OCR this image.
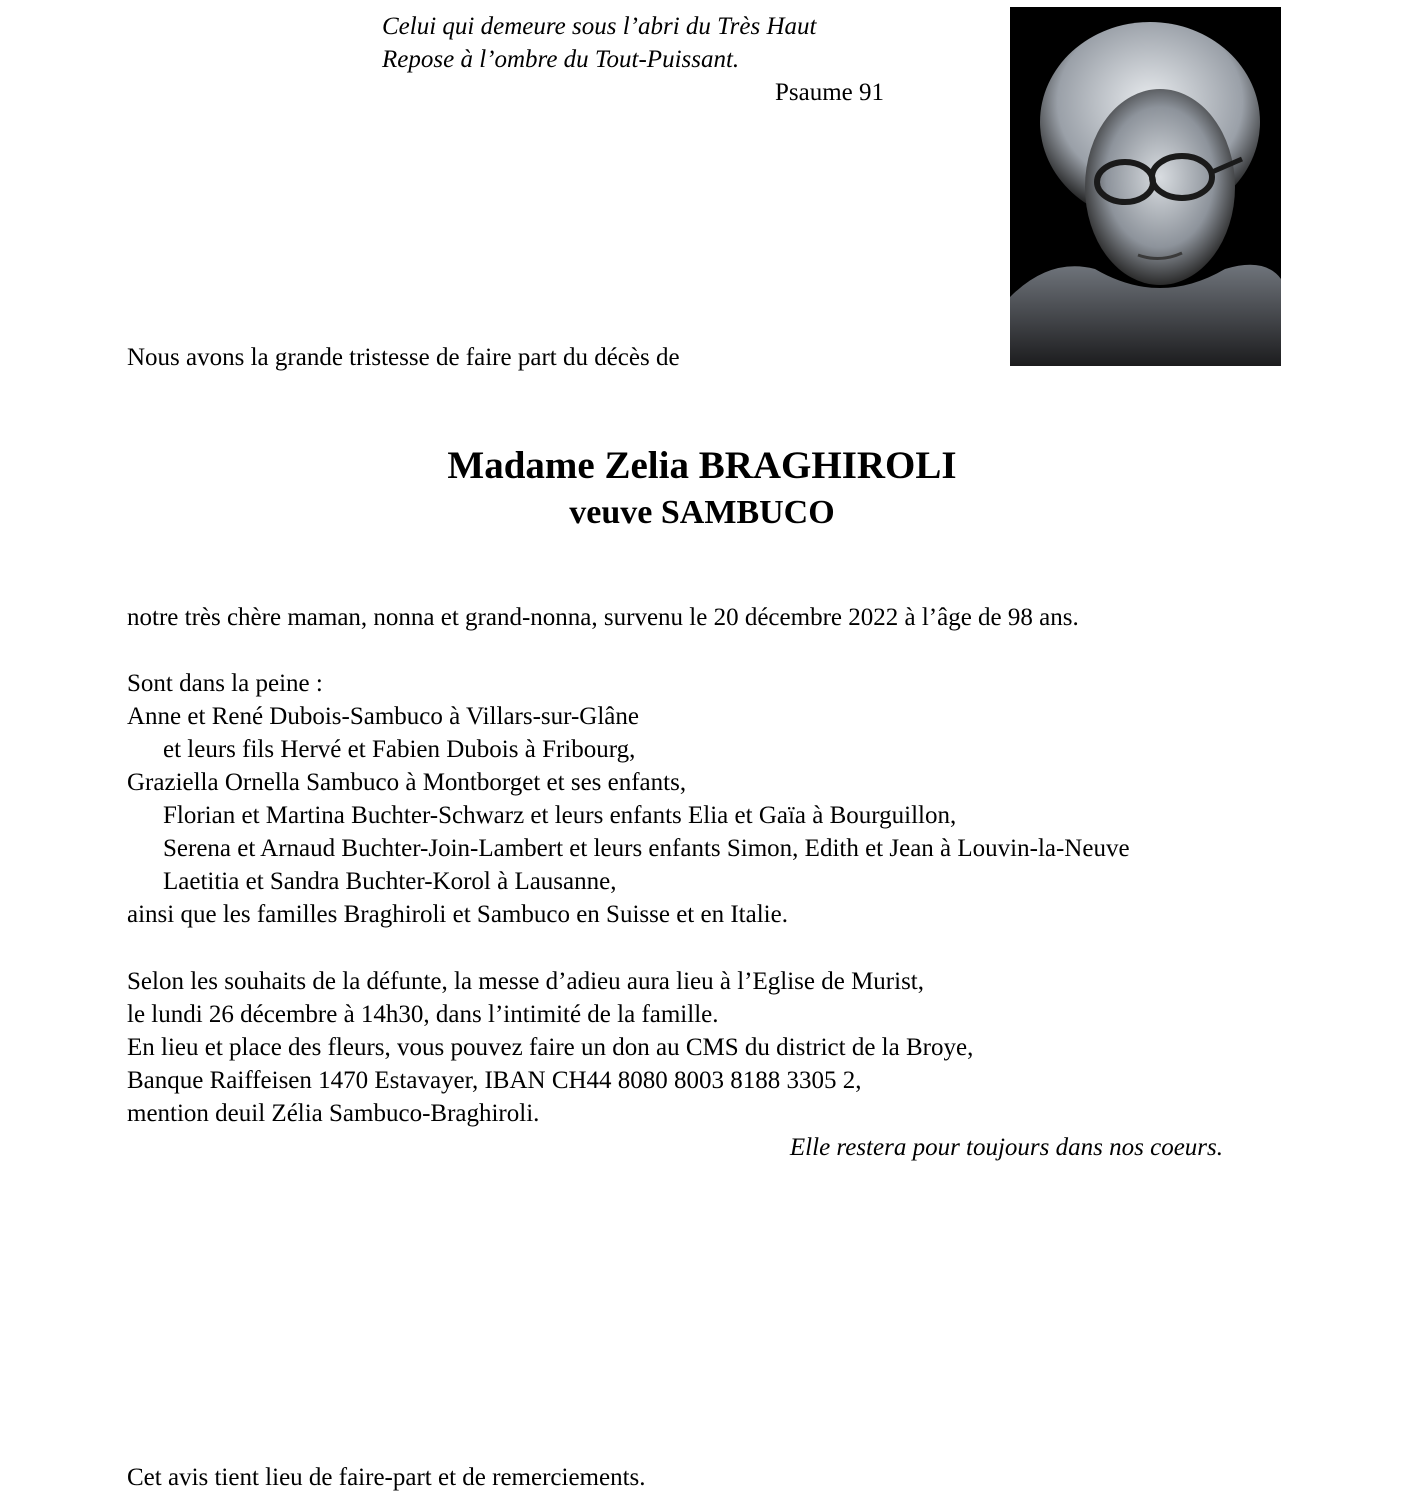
Celui qui demeure sous l’abri du Très Haut
Repose à l’ombre du Tout-Puissant.
Psaume 91
Nous avons la grande tristesse de faire part du décès de
Madame Zelia BRAGHIROLI
veuve SAMBUCO
notre très chère maman, nonna et grand-nonna, survenu le 20 décembre 2022 à l’âge de 98 ans.
Sont dans la peine :
Anne et René Dubois-Sambuco à Villars-sur-Glâne
et leurs fils Hervé et Fabien Dubois à Fribourg,
Graziella Ornella Sambuco à Montborget et ses enfants,
Florian et Martina Buchter-Schwarz et leurs enfants Elia et Gaïa à Bourguillon,
Serena et Arnaud Buchter-Join-Lambert et leurs enfants Simon, Edith et Jean à Louvin-la-Neuve
Laetitia et Sandra Buchter-Korol à Lausanne,
ainsi que les familles Braghiroli et Sambuco en Suisse et en Italie.
Selon les souhaits de la défunte, la messe d’adieu aura lieu à l’Eglise de Murist,
le lundi 26 décembre à 14h30, dans l’intimité de la famille.
En lieu et place des fleurs, vous pouvez faire un don au CMS du district de la Broye,
Banque Raiffeisen 1470 Estavayer, IBAN CH44 8080 8003 8188 3305 2,
mention deuil Zélia Sambuco-Braghiroli.
Elle restera pour toujours dans nos coeurs.
Cet avis tient lieu de faire-part et de remerciements.
